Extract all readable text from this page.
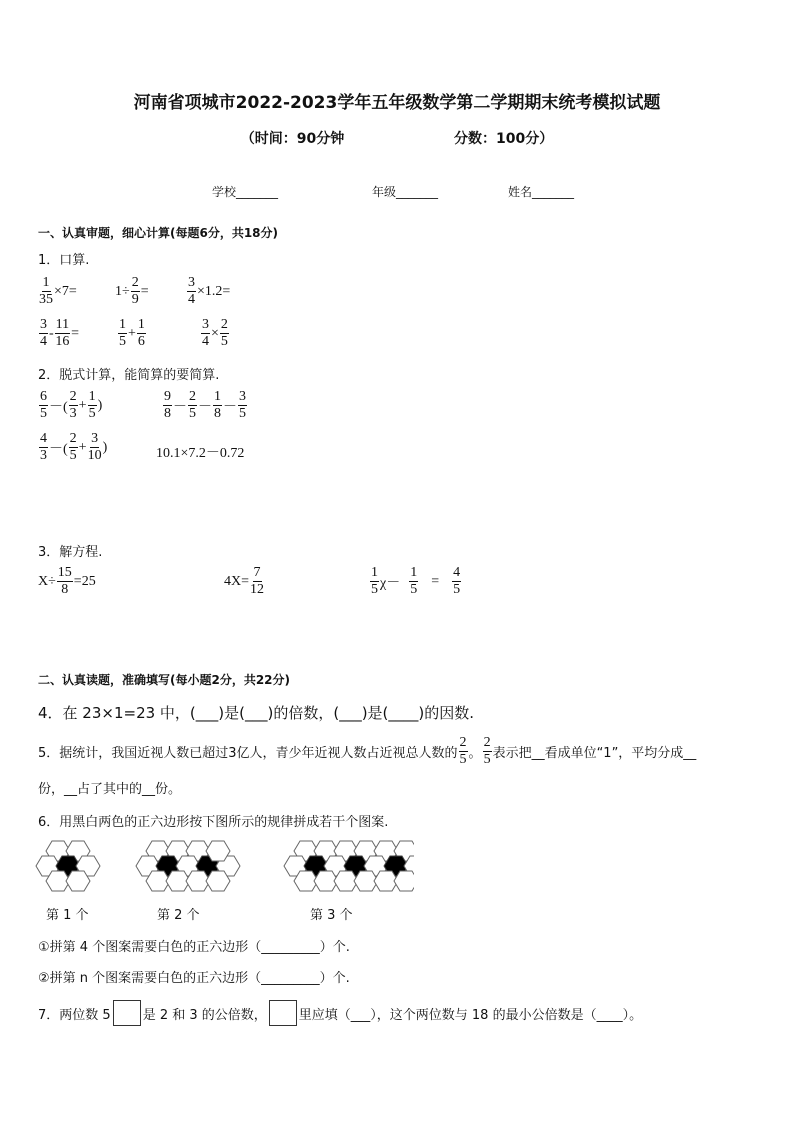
河南省项城市2022-2023学年五年级数学第二学期期末统考模拟试题
（时间：90分钟	分数：100分）
学校_______	年级_______	姓名_______
一、认真审题，细心计算(每题6分，共18分)
1．口算.
$\frac{1}{35} \times 7=$	$1\div \frac{2}{9}$ =	$\frac{3}{4} \times 1.2=$
$\frac{3}{4} - \frac{11}{16}$ =	$\frac{1}{5} + \frac{1}{6}$	$\frac{3}{4} \times \frac{2}{5}$
2．脱式计算，能简算的要简算.
$\frac{6}{5}$ －( $\frac{2}{3} + \frac{1}{5}$ )	$\frac{9}{8} - \frac{2}{5} - \frac{1}{8} - \frac{3}{5}$
$\frac{4}{3}$ －( $\frac{2}{5} + \frac{3}{10}$ )	10.1×7.2－0.72
3．解方程.
$X\div \frac{15}{8} =25$	$4X= \frac{7}{12}$	$\frac{1}{5} \chi- \frac{1}{5} = \frac{4}{5}$
二、认真读题，准确填写(每小题2分，共22分)
4．在 23×1=23 中，(___)是(___)的倍数，(___)是(____)的因数.
5．据统计，我国近视人数已超过3亿人，青少年近视人数占近视总人数的 $\frac{2}{5}$ 。 $\frac{2}{5}$ 表示把__看成单位“1”，平均分成__
份，__占了其中的__份。
6．用黑白两色的正六边形按下图所示的规律拼成若干个图案.
第 1 个	第 2 个	第 3 个
①拼第 4 个图案需要白色的正六边形（_________）个.
②拼第 n 个图案需要白色的正六边形（_________）个.
7．两位数 5 是 2 和 3 的公倍数， 里应填（___），这个两位数与 18 的最小公倍数是（____）。
